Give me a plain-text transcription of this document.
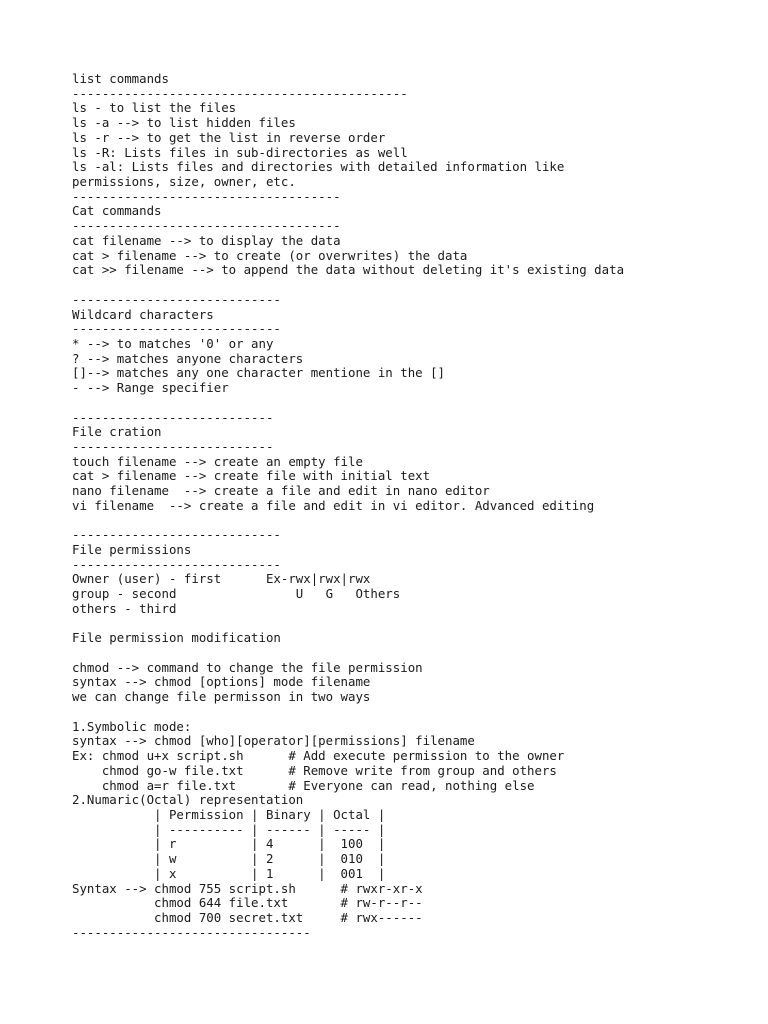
list commands
---------------------------------------------
ls - to list the files
ls -a --> to list hidden files
ls -r --> to get the list in reverse order
ls -R: Lists files in sub-directories as well
ls -al: Lists files and directories with detailed information like
permissions, size, owner, etc.
------------------------------------
Cat commands
------------------------------------
cat filename --> to display the data
cat > filename --> to create (or overwrites) the data
cat >> filename --> to append the data without deleting it's existing data
----------------------------
Wildcard characters
----------------------------
* --> to matches '0' or any
? --> matches anyone characters
[]--> matches any one character mentione in the []
- --> Range specifier
---------------------------
File cration
---------------------------
touch filename --> create an empty file
cat > filename --> create file with initial text
nano filename  --> create a file and edit in nano editor
vi filename  --> create a file and edit in vi editor. Advanced editing
----------------------------
File permissions
----------------------------
Owner (user) - first      Ex-rwx|rwx|rwx
group - second                U   G   Others
others - third
File permission modification
chmod --> command to change the file permission
syntax --> chmod [options] mode filename
we can change file permisson in two ways
1.Symbolic mode:
syntax --> chmod [who][operator][permissions] filename
Ex: chmod u+x script.sh      # Add execute permission to the owner
chmod go-w file.txt      # Remove write from group and others
chmod a=r file.txt       # Everyone can read, nothing else
2.Numaric(Octal) representation
| Permission | Binary | Octal |
| ---------- | ------ | ----- |
| r          | 4      |  100  |
| w          | 2      |  010  |
| x          | 1      |  001  |
Syntax --> chmod 755 script.sh      # rwxr-xr-x
chmod 644 file.txt       # rw-r--r--
chmod 700 secret.txt     # rwx------
--------------------------------
